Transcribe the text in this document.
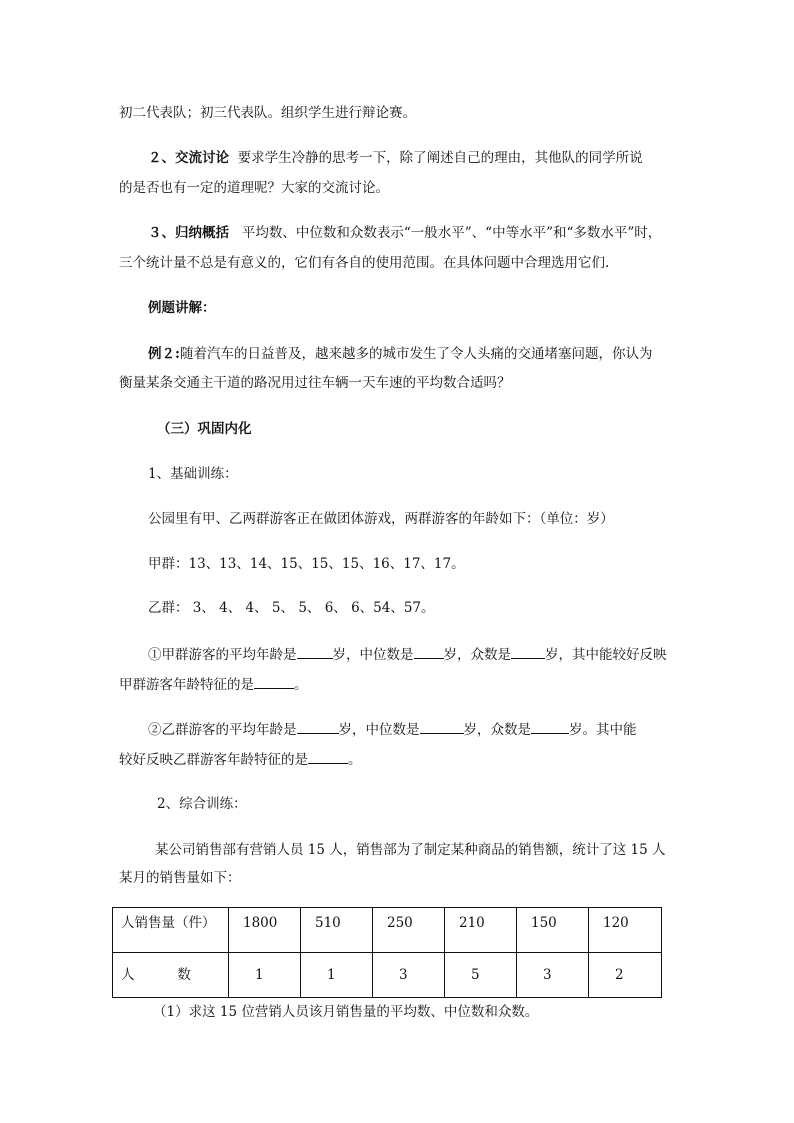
初二代表队；初三代表队。组织学生进行辩论赛。
２、交流讨论 要求学生冷静的思考一下，除了阐述自己的理由，其他队的同学所说
的是否也有一定的道理呢？大家的交流讨论。
３、归纳概括 平均数、中位数和众数表示“一般水平”、“中等水平”和“多数水平”时，
三个统计量不总是有意义的，它们有各自的使用范围。在具体问题中合理选用它们.
例题讲解：
例２:随着汽车的日益普及，越来越多的城市发生了令人头痛的交通堵塞问题，你认为
衡量某条交通主干道的路况用过往车辆一天车速的平均数合适吗？
（三）巩固内化
1、基础训练：
公园里有甲、乙两群游客正在做团体游戏，两群游客的年龄如下：（单位：岁）
甲群：13、13、14、15、15、15、16、17、17。
乙群： 3、 4、 4、 5、 5、 6、 6、54、57。
①甲群游客的平均年龄是	岁，中位数是 岁，众数是	岁，其中能较好反映
甲群游客年龄特征的是	。
②乙群游客的平均年龄是	岁，中位数是	岁，众数是	岁。其中能
较好反映乙群游客年龄特征的是	。
2、综合训练：
某公司销售部有营销人员 15 人，销售部为了制定某种商品的销售额，统计了这 15 人
某月的销售量如下：
人销售量（件）	1800	510	250	210	150	120
人          数	1	1	3	5	3	2
（1）求这 15 位营销人员该月销售量的平均数、中位数和众数。
